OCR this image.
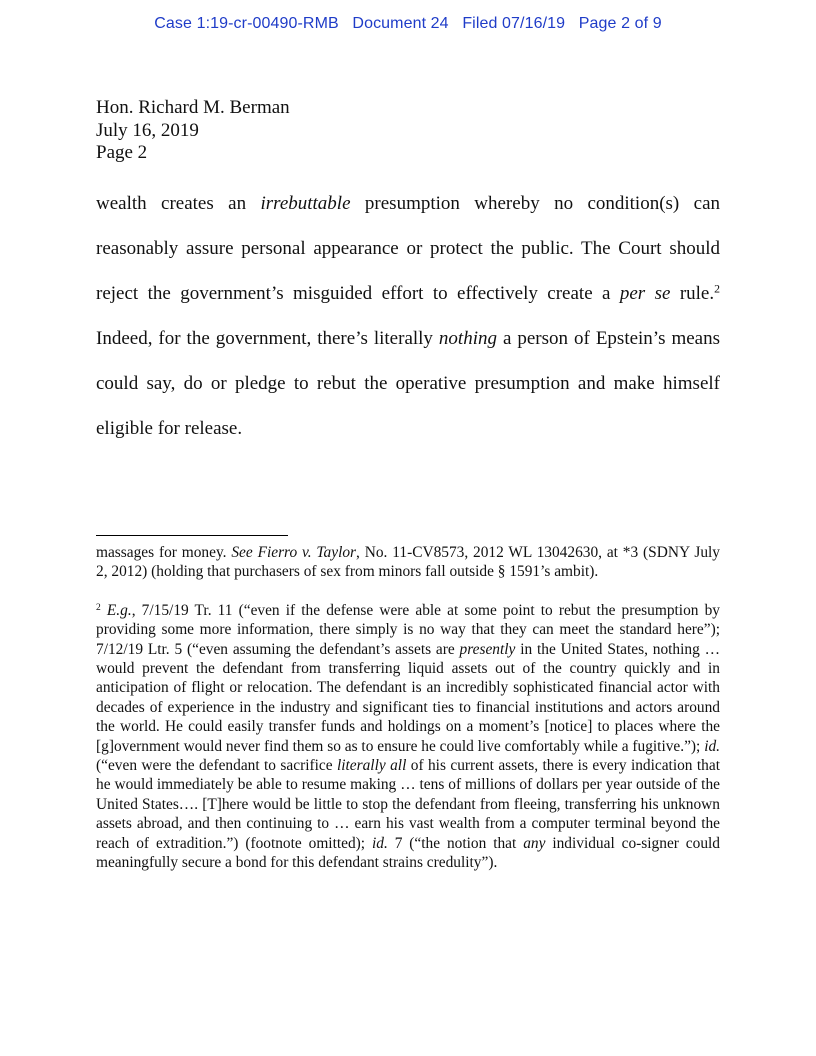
Case 1:19-cr-00490-RMB   Document 24   Filed 07/16/19   Page 2 of 9
Hon. Richard M. Berman
July 16, 2019
Page 2

wealth creates an irrebuttable presumption whereby no condition(s) can reasonably assure personal appearance or protect the public. The Court should reject the government’s misguided effort to effectively create a per se rule.$^2$ Indeed, for the government, there’s literally nothing a person of Epstein’s means could say, do or pledge to rebut the operative presumption and make himself eligible for release.

massages for money. See Fierro v. Taylor, No. 11-CV8573, 2012 WL 13042630, at *3 (SDNY July 2, 2012) (holding that purchasers of sex from minors fall outside § 1591’s ambit).

$^2$ E.g., 7/15/19 Tr. 11 (“even if the defense were able at some point to rebut the presumption by providing some more information, there simply is no way that they can meet the standard here”); 7/12/19 Ltr. 5 (“even assuming the defendant’s assets are presently in the United States, nothing … would prevent the defendant from transferring liquid assets out of the country quickly and in anticipation of flight or relocation. The defendant is an incredibly sophisticated financial actor with decades of experience in the industry and significant ties to financial institutions and actors around the world. He could easily transfer funds and holdings on a moment’s [notice] to places where the [g]overnment would never find them so as to ensure he could live comfortably while a fugitive.”); id. (“even were the defendant to sacrifice literally all of his current assets, there is every indication that he would immediately be able to resume making … tens of millions of dollars per year outside of the United States…. [T]here would be little to stop the defendant from fleeing, transferring his unknown assets abroad, and then continuing to … earn his vast wealth from a computer terminal beyond the reach of extradition.”) (footnote omitted); id. 7 (“the notion that any individual co-signer could meaningfully secure a bond for this defendant strains credulity”).
